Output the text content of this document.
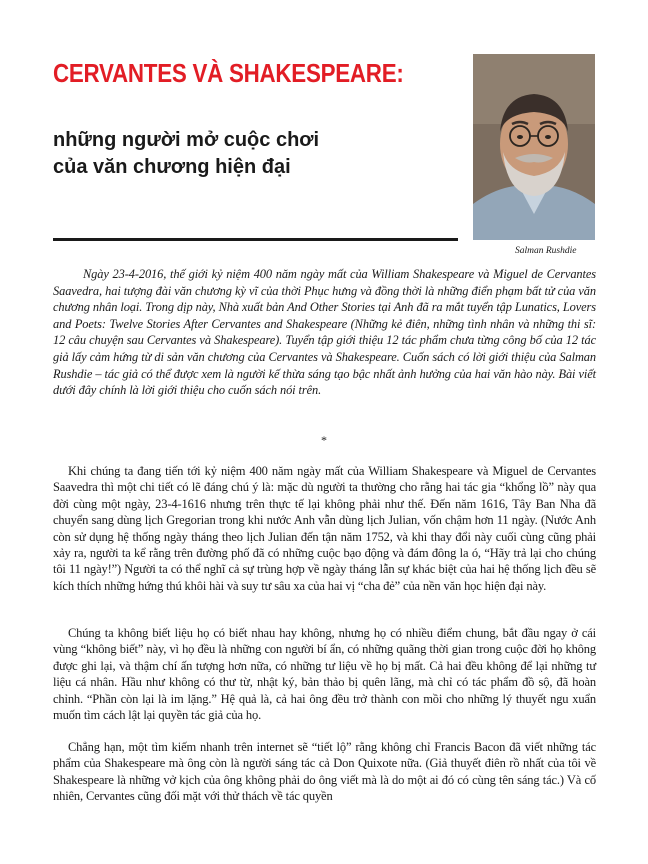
CERVANTES VÀ SHAKESPEARE:
những người mở cuộc chơi
của văn chương hiện đại
Salman Rushdie

Ngày 23-4-2016, thế giới kỷ niệm 400 năm ngày mất của William Shakespeare và Miguel de Cervantes Saavedra, hai tượng đài văn chương kỳ vĩ của thời Phục hưng và đồng thời là những điển phạm bất tử của văn chương nhân loại. Trong dịp này, Nhà xuất bản And Other Stories tại Anh đã ra mắt tuyển tập Lunatics, Lovers and Poets: Twelve Stories After Cervantes and Shakespeare (Những kẻ điên, những tình nhân và những thi sĩ: 12 câu chuyện sau Cervantes và Shakespeare). Tuyển tập giới thiệu 12 tác phẩm chưa từng công bố của 12 tác giả lấy cảm hứng từ di sản văn chương của Cervantes và Shakespeare. Cuốn sách có lời giới thiệu của Salman Rushdie – tác giả có thể được xem là người kế thừa sáng tạo bậc nhất ảnh hưởng của hai văn hào này. Bài viết dưới đây chính là lời giới thiệu cho cuốn sách nói trên.

*

Khi chúng ta đang tiến tới kỷ niệm 400 năm ngày mất của William Shakespeare và Miguel de Cervantes Saavedra thì một chi tiết có lẽ đáng chú ý là: mặc dù người ta thường cho rằng hai tác gia “khổng lồ” này qua đời cùng một ngày, 23-4-1616 nhưng trên thực tế lại không phải như thế. Đến năm 1616, Tây Ban Nha đã chuyển sang dùng lịch Gregorian trong khi nước Anh vẫn dùng lịch Julian, vốn chậm hơn 11 ngày. (Nước Anh còn sử dụng hệ thống ngày tháng theo lịch Julian đến tận năm 1752, và khi thay đổi này cuối cùng cũng phải xảy ra, người ta kể rằng trên đường phố đã có những cuộc bạo động và đám đông la ó, “Hãy trả lại cho chúng tôi 11 ngày!”) Người ta có thể nghĩ cả sự trùng hợp về ngày tháng lẫn sự khác biệt của hai hệ thống lịch đều sẽ kích thích những hứng thú khôi hài và suy tư sâu xa của hai vị “cha đẻ” của nền văn học hiện đại này.

Chúng ta không biết liệu họ có biết nhau hay không, nhưng họ có nhiều điểm chung, bắt đầu ngay ở cái vùng “không biết” này, vì họ đều là những con người bí ẩn, có những quãng thời gian trong cuộc đời họ không được ghi lại, và thậm chí ấn tượng hơn nữa, có những tư liệu về họ bị mất. Cả hai đều không để lại những tư liệu cá nhân. Hầu như không có thư từ, nhật ký, bản thảo bị quên lãng, mà chỉ có tác phẩm đồ sộ, đã hoàn chỉnh. “Phần còn lại là im lặng.” Hệ quả là, cả hai ông đều trở thành con mồi cho những lý thuyết ngu xuẩn muốn tìm cách lật lại quyền tác giả của họ.

Chẳng hạn, một tìm kiếm nhanh trên internet sẽ “tiết lộ” rằng không chỉ Francis Bacon đã viết những tác phẩm của Shakespeare mà ông còn là người sáng tác cả Don Quixote nữa. (Giả thuyết điên rồ nhất của tôi về Shakespeare là những vở kịch của ông không phải do ông viết mà là do một ai đó có cùng tên sáng tác.) Và cố nhiên, Cervantes cũng đối mặt với thử thách về tác quyền
